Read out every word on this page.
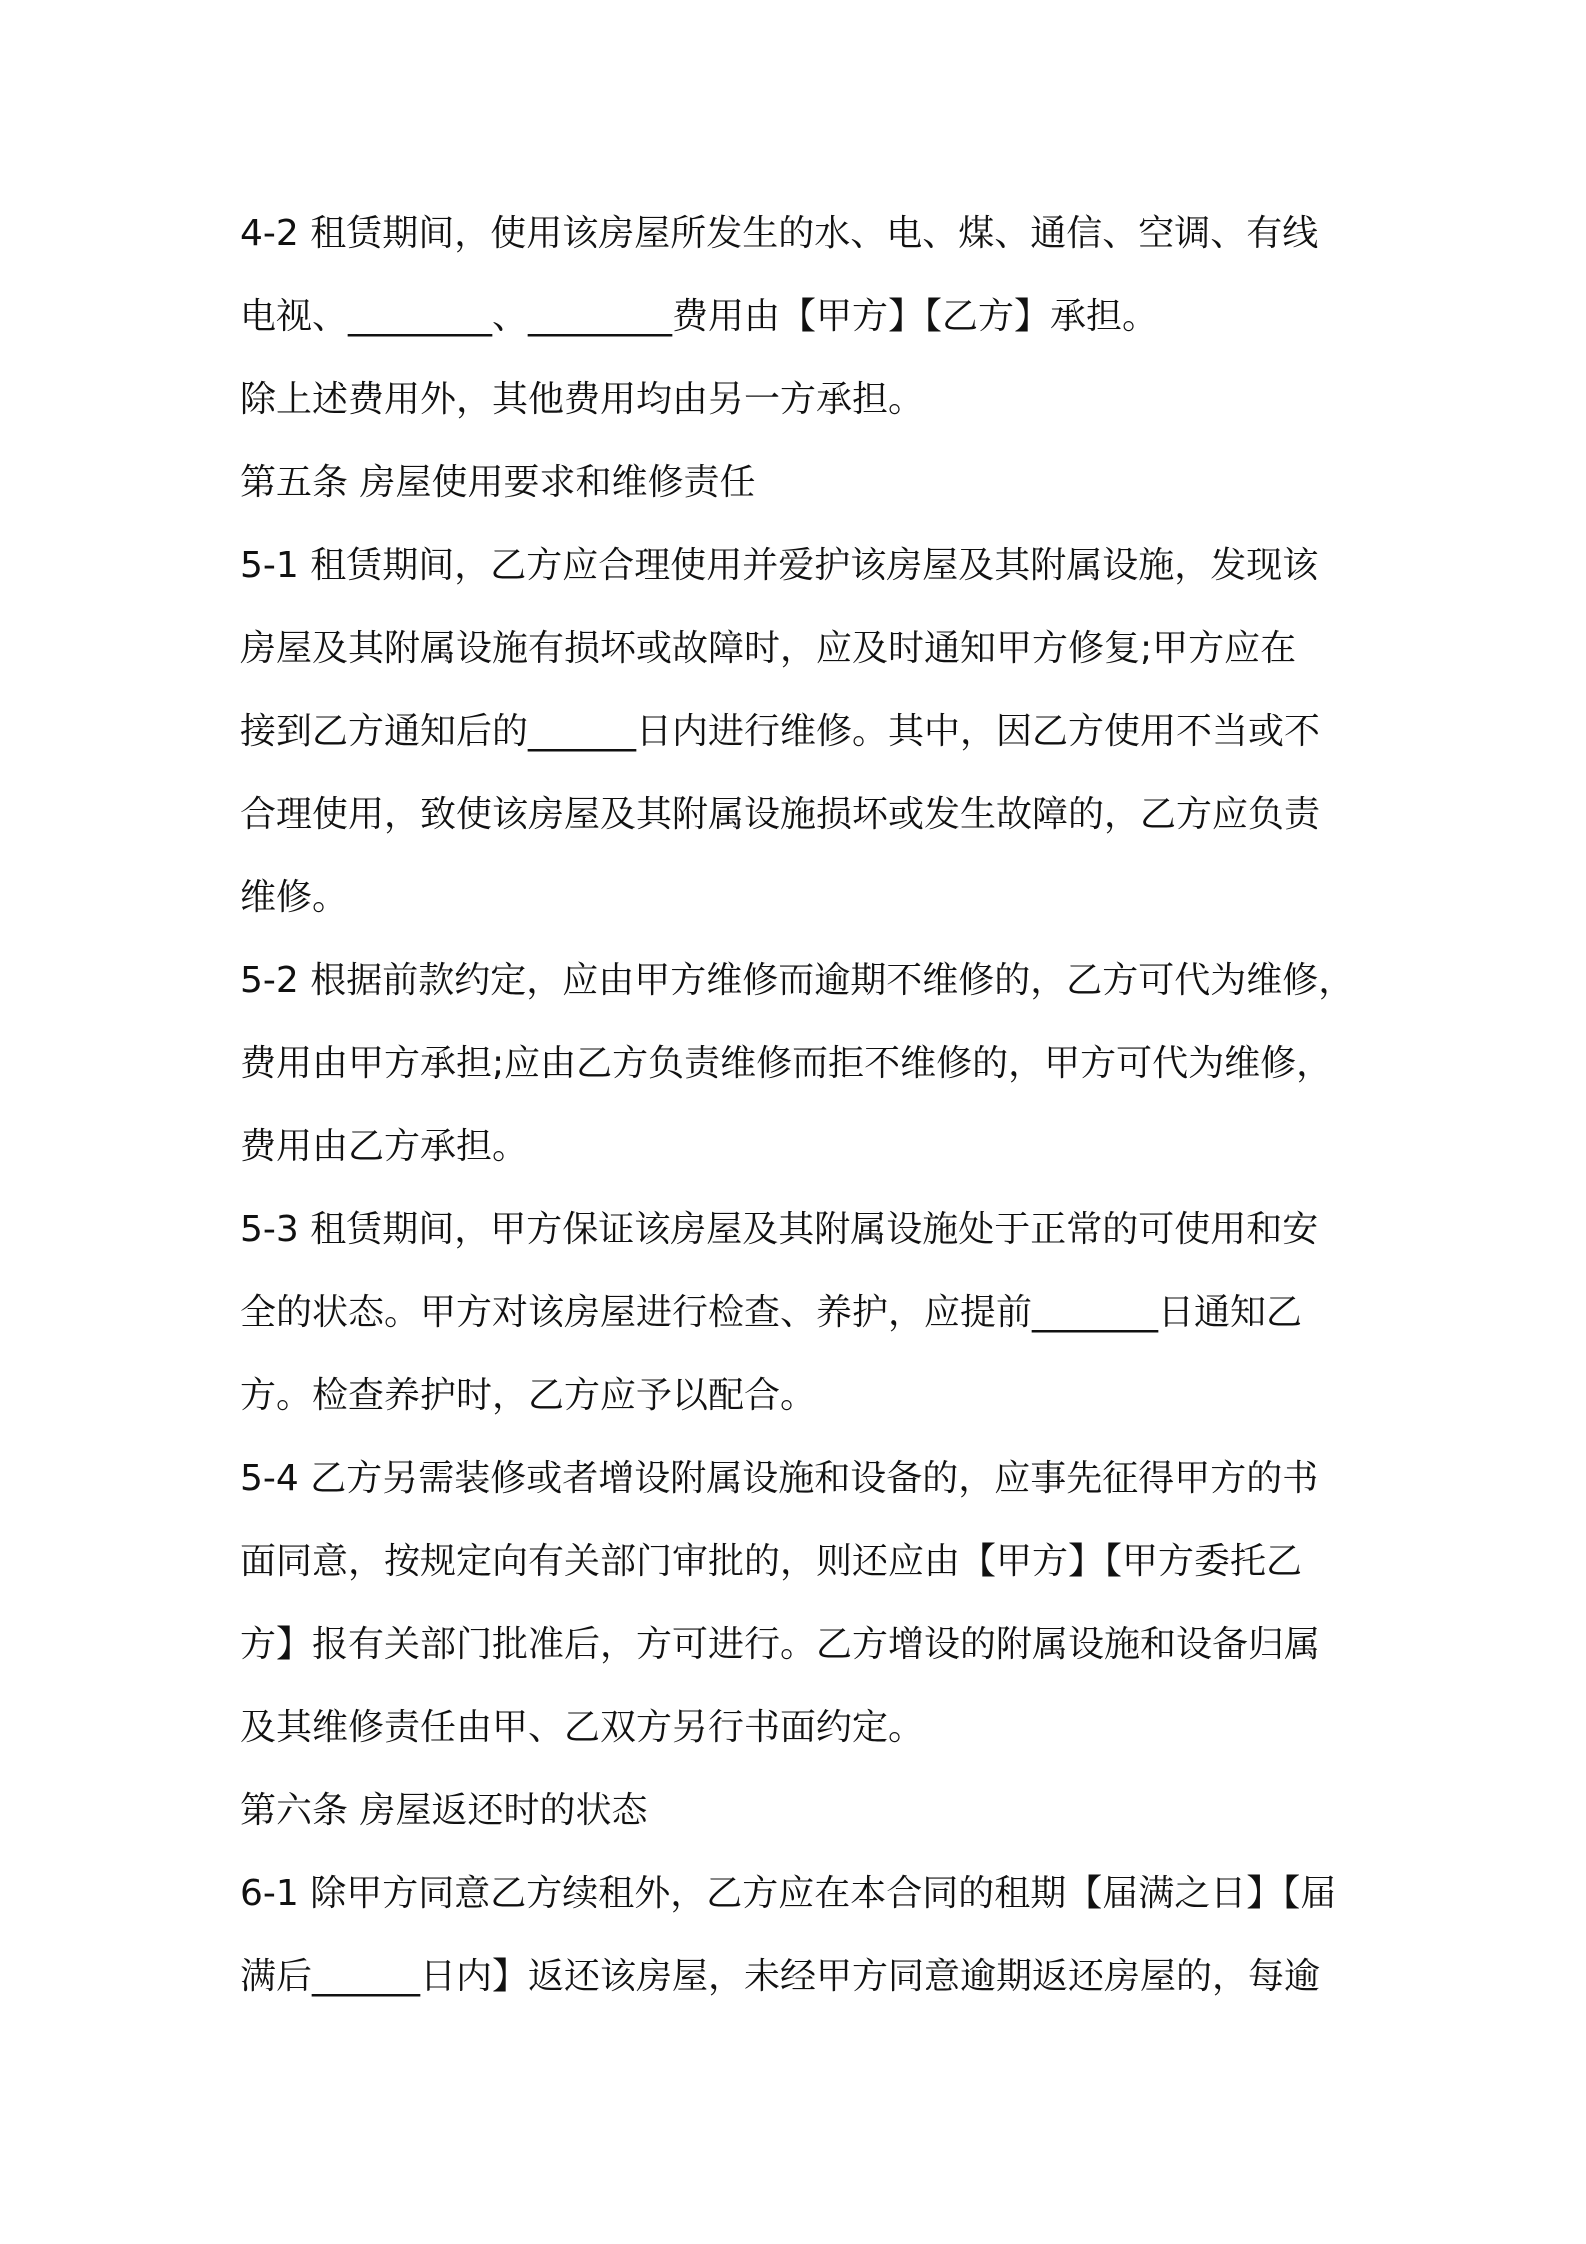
4-2 租赁期间，使用该房屋所发生的水、电、煤、通信、空调、有线
电视、________、________费用由【甲方】【乙方】承担。
除上述费用外，其他费用均由另一方承担。
第五条 房屋使用要求和维修责任
5-1 租赁期间，乙方应合理使用并爱护该房屋及其附属设施，发现该
房屋及其附属设施有损坏或故障时，应及时通知甲方修复;甲方应在
接到乙方通知后的______日内进行维修。其中，因乙方使用不当或不
合理使用，致使该房屋及其附属设施损坏或发生故障的，乙方应负责
维修。
5-2 根据前款约定，应由甲方维修而逾期不维修的，乙方可代为维修，
费用由甲方承担;应由乙方负责维修而拒不维修的，甲方可代为维修，
费用由乙方承担。
5-3 租赁期间，甲方保证该房屋及其附属设施处于正常的可使用和安
全的状态。甲方对该房屋进行检查、养护，应提前_______日通知乙
方。检查养护时，乙方应予以配合。
5-4 乙方另需装修或者增设附属设施和设备的，应事先征得甲方的书
面同意，按规定向有关部门审批的，则还应由【甲方】【甲方委托乙
方】报有关部门批准后，方可进行。乙方增设的附属设施和设备归属
及其维修责任由甲、乙双方另行书面约定。
第六条 房屋返还时的状态
6-1 除甲方同意乙方续租外，乙方应在本合同的租期【届满之日】【届
满后______日内】返还该房屋，未经甲方同意逾期返还房屋的，每逾
